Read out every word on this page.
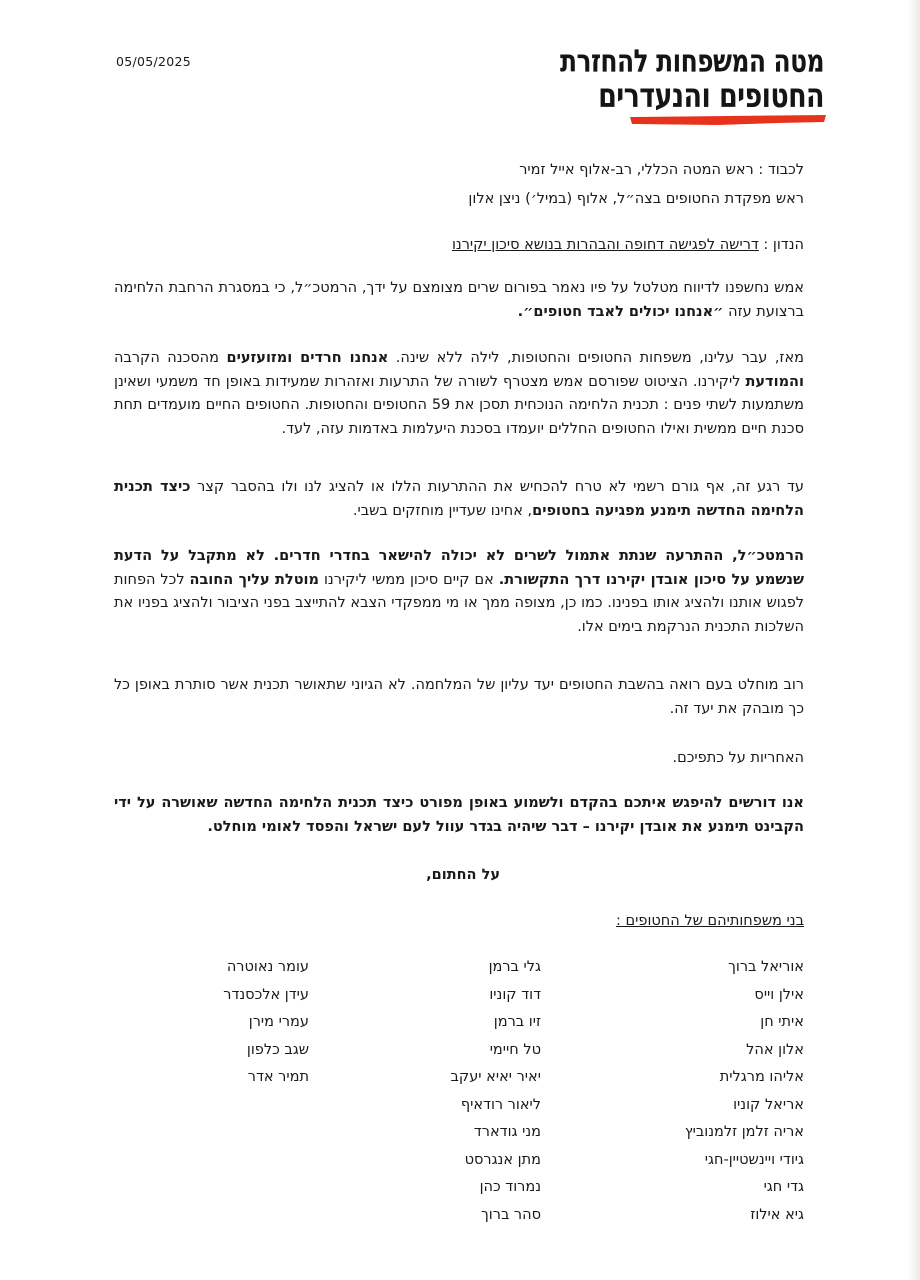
05/05/2025	מטה המשפחות להחזרת
החטופים והנעדרים
לכבוד : ראש המטה הכללי, רב-אלוף אייל זמיר
ראש מפקדת החטופים בצה״ל, אלוף (במיל׳) ניצן אלון
הנדון : דרישה לפגישה דחופה והבהרות בנושא סיכון יקירנו
אמש נחשפנו לדיווח מטלטל על פיו נאמר בפורום שרים מצומצם על ידך, הרמטכ״ל, כי במסגרת הרחבת הלחימה ברצועת עזה ״אנחנו יכולים לאבד חטופים״.
מאז, עבר עלינו, משפחות החטופים והחטופות, לילה ללא שינה. אנחנו חרדים ומזועזעים מהסכנה הקרבה והמודעת ליקירנו. הציטוט שפורסם אמש מצטרף לשורה של התרעות ואזהרות שמעידות באופן חד משמעי ושאינן משתמעות לשתי פנים : תכנית הלחימה הנוכחית תסכן את 59 החטופים והחטופות. החטופים החיים מועמדים תחת סכנת חיים ממשית ואילו החטופים החללים יועמדו בסכנת היעלמות באדמות עזה, לעד.
עד רגע זה, אף גורם רשמי לא טרח להכחיש את ההתרעות הללו או להציג לנו ולו בהסבר קצר כיצד תכנית הלחימה החדשה תימנע מפגיעה בחטופים, אחינו שעדיין מוחזקים בשבי.
הרמטכ״ל, ההתרעה שנתת אתמול לשרים לא יכולה להישאר בחדרי חדרים. לא מתקבל על הדעת שנשמע על סיכון אובדן יקירנו דרך התקשורת. אם קיים סיכון ממשי ליקירנו מוטלת עליך החובה לכל הפחות לפגוש אותנו ולהציג אותו בפנינו. כמו כן, מצופה ממך או מי ממפקדי הצבא להתייצב בפני הציבור ולהציג בפניו את השלכות התכנית הנרקמת בימים אלו.
רוב מוחלט בעם רואה בהשבת החטופים יעד עליון של המלחמה. לא הגיוני שתאושר תכנית אשר סותרת באופן כל כך מובהק את יעד זה.
האחריות על כתפיכם.
אנו דורשים להיפגש איתכם בהקדם ולשמוע באופן מפורט כיצד תכנית הלחימה החדשה שאושרה על ידי הקבינט תימנע את אובדן יקירנו – דבר שיהיה בגדר עוול לעם ישראל והפסד לאומי מוחלט.
על החתום,
בני משפחותיהם של החטופים :
אוריאל ברוך
אילן וייס
איתי חן
אלון אהל
אליהו מרגלית
אריאל קוניו
אריה זלמן זלמנוביץ
גיודי ויינשטיין-חגי
גדי חגי
גיא אילוז
גלי ברמן
דוד קוניו
זיו ברמן
טל חיימי
יאיר יאיא יעקב
ליאור רודאיף
מני גודארד
מתן אנגרסט
נמרוד כהן
סהר ברוך
עומר נאוטרה
עידן אלכסנדר
עמרי מירן
שגב כלפון
תמיר אדר
